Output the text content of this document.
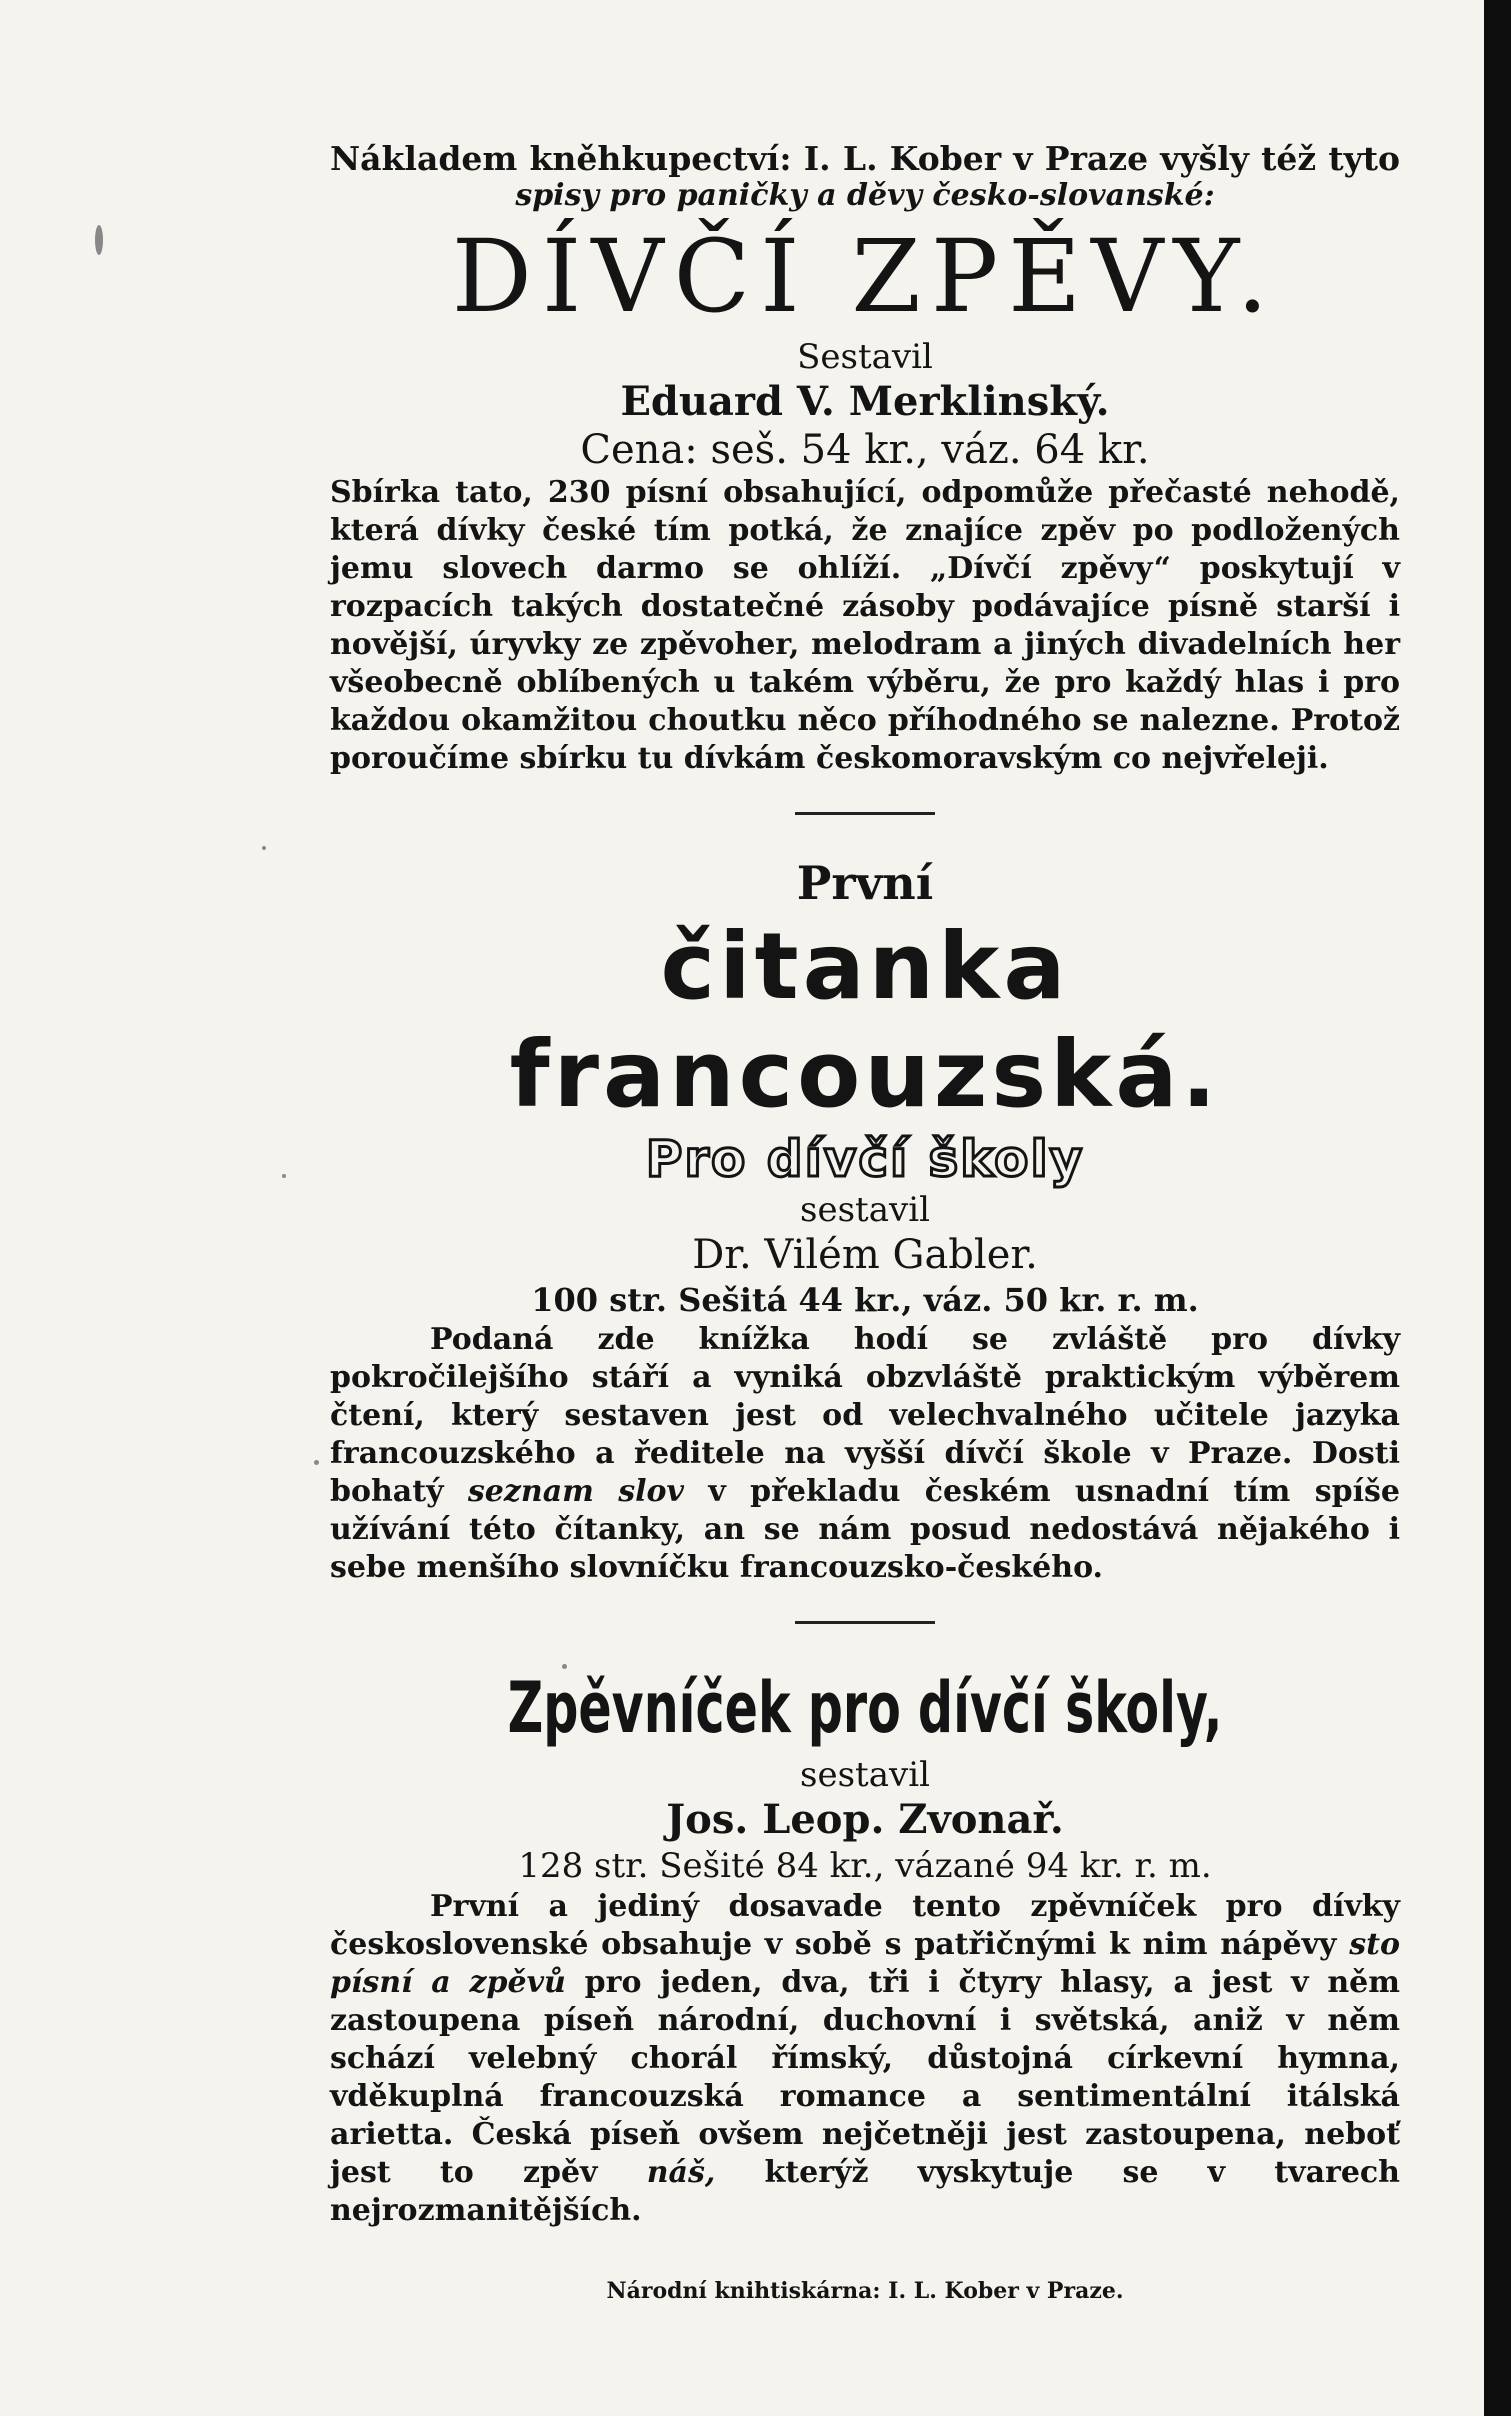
Nákladem kněhkupectví: I. L. Kober v Praze vyšly též tyto

spisy pro paničky a děvy česko-slovanské:

DÍVČÍ ZPĚVY.

Sestavil

Eduard V. Merklinský.

Cena: seš. 54 kr., váz. 64 kr.

Sbírka tato, 230 písní obsahující, odpomůže přečasté nehodě, která dívky české tím potká, že znajíce zpěv po podložených jemu slovech darmo se ohlíží. „Dívčí zpěvy“ poskytují v rozpacích takých dostatečné zásoby podávajíce písně starší i novější, úryvky ze zpěvoher, melodram a jiných divadelních her všeobecně oblíbených u takém výběru, že pro každý hlas i pro každou okamžitou choutku něco příhodného se nalezne. Protož poroučíme sbírku tu dívkám českomoravským co nejvřeleji.

První

čitanka francouzská.

Pro dívčí školy

sestavil

Dr. Vilém Gabler.

100 str. Sešitá 44 kr., váz. 50 kr. r. m.

Podaná zde knížka hodí se zvláště pro dívky pokročilejšího stáří a vyniká obzvláště praktickým výběrem čtení, který sestaven jest od velechvalného učitele jazyka francouzského a ředitele na vyšší dívčí škole v Praze. Dosti bohatý seznam slov v překladu českém usnadní tím spíše užívání této čítanky, an se nám posud nedostává nějakého i sebe menšího slovníčku francouzsko-českého.

Zpěvníček pro dívčí školy,

sestavil

Jos. Leop. Zvonař.

128 str. Sešité 84 kr., vázané 94 kr. r. m.

První a jediný dosavade tento zpěvníček pro dívky československé obsahuje v sobě s patřičnými k nim nápěvy sto písní a zpěvů pro jeden, dva, tři i čtyry hlasy, a jest v něm zastoupena píseň národní, duchovní i světská, aniž v něm schází velebný chorál římský, důstojná církevní hymna, vděkuplná francouzská romance a sentimentální itálská arietta. Česká píseň ovšem nejčetněji jest zastoupena, neboť jest to zpěv náš, kterýž vyskytuje se v tvarech nejrozmanitějších.

Národní knihtiskárna: I. L. Kober v Praze.
